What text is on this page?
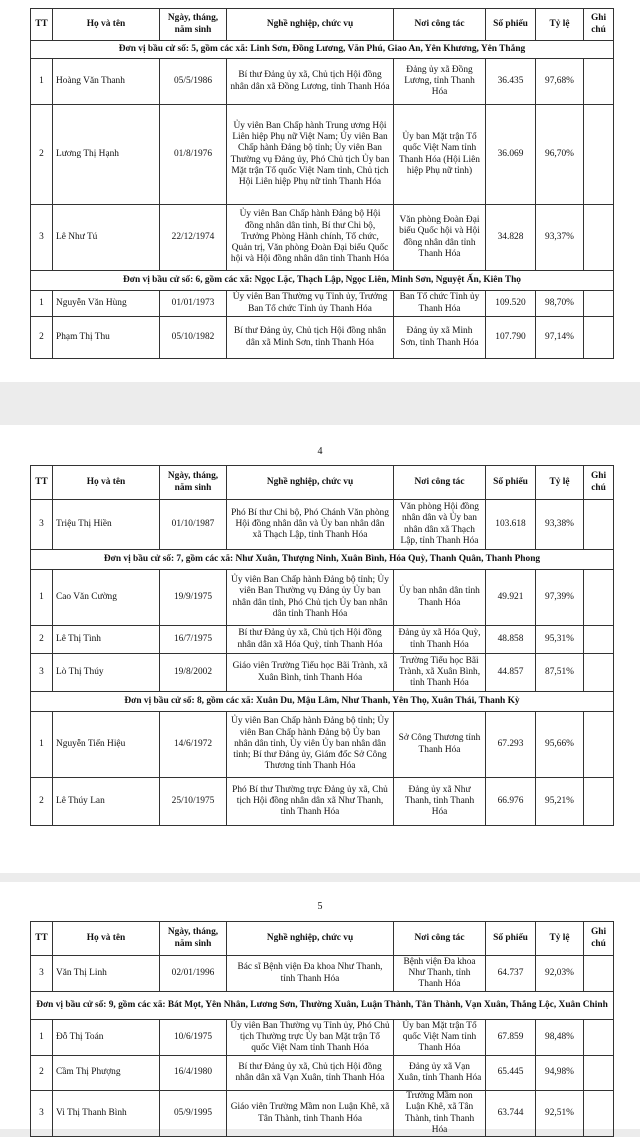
TT	Họ và tên	Ngày, tháng, năm sinh	Nghề nghiệp, chức vụ	Nơi công tác	Số phiếu	Tỷ lệ	Ghi chú
Đơn vị bầu cử số: 5, gồm các xã: Linh Sơn, Đồng Lương, Văn Phú, Giao An, Yên Khương, Yên Thắng							
1	Hoàng Văn Thanh	05/5/1986	Bí thư Đảng ủy xã, Chủ tịch Hội đồng nhân dân xã Đồng Lương, tỉnh Thanh Hóa	Đảng ủy xã Đồng Lương, tỉnh Thanh Hóa	36.435	97,68%	
2	Lương Thị Hạnh	01/8/1976	Ủy viên Ban Chấp hành Trung ương Hội Liên hiệp Phụ nữ Việt Nam; Ủy viên Ban Chấp hành Đảng bộ tỉnh; Ủy viên Ban Thường vụ Đảng ủy, Phó Chủ tịch Ủy ban Mặt trận Tổ quốc Việt Nam tỉnh, Chủ tịch Hội Liên hiệp Phụ nữ tỉnh Thanh Hóa	Ủy ban Mặt trận Tổ quốc Việt Nam tỉnh Thanh Hóa (Hội Liên hiệp Phụ nữ tỉnh)	36.069	96,70%	
3	Lê Như Tú	22/12/1974	Ủy viên Ban Chấp hành Đảng bộ Hội đồng nhân dân tỉnh, Bí thư Chi bộ, Trưởng Phòng Hành chính, Tổ chức, Quản trị, Văn phòng Đoàn Đại biểu Quốc hội và Hội đồng nhân dân tỉnh Thanh Hóa	Văn phòng Đoàn Đại biểu Quốc hội và Hội đồng nhân dân tỉnh Thanh Hóa	34.828	93,37%	
Đơn vị bầu cử số: 6, gồm các xã: Ngọc Lặc, Thạch Lập, Ngọc Liên, Minh Sơn, Nguyệt Ấn, Kiên Thọ							
1	Nguyễn Văn Hùng	01/01/1973	Ủy viên Ban Thường vụ Tỉnh ủy, Trưởng Ban Tổ chức Tỉnh ủy Thanh Hóa	Ban Tổ chức Tỉnh ủy Thanh Hóa	109.520	98,70%	
2	Phạm Thị Thu	05/10/1982	Bí thư Đảng ủy, Chủ tịch Hội đồng nhân dân xã Minh Sơn, tỉnh Thanh Hóa	Đảng ủy xã Minh Sơn, tỉnh Thanh Hóa	107.790	97,14%	
4
TT	Họ và tên	Ngày, tháng, năm sinh	Nghề nghiệp, chức vụ	Nơi công tác	Số phiếu	Tỷ lệ	Ghi chú
3	Triệu Thị Hiền	01/10/1987	Phó Bí thư Chi bộ, Phó Chánh Văn phòng Hội đồng nhân dân và Ủy ban nhân dân xã Thạch Lập, tỉnh Thanh Hóa	Văn phòng Hội đồng nhân dân và Ủy ban nhân dân xã Thạch Lập, tỉnh Thanh Hóa	103.618	93,38%	
Đơn vị bầu cử số: 7, gồm các xã: Như Xuân, Thượng Ninh, Xuân Bình, Hóa Quỳ, Thanh Quân, Thanh Phong							
1	Cao Văn Cường	19/9/1975	Ủy viên Ban Chấp hành Đảng bộ tỉnh; Ủy viên Ban Thường vụ Đảng ủy Ủy ban nhân dân tỉnh, Phó Chủ tịch Ủy ban nhân dân tỉnh Thanh Hóa	Ủy ban nhân dân tỉnh Thanh Hóa	49.921	97,39%	
2	Lê Thị Tình	16/7/1975	Bí thư Đảng ủy xã, Chủ tịch Hội đồng nhân dân xã Hóa Quỳ, tỉnh Thanh Hóa	Đảng ủy xã Hóa Quỳ, tỉnh Thanh Hóa	48.858	95,31%	
3	Lò Thị Thúy	19/8/2002	Giáo viên Trường Tiểu học Bãi Trành, xã Xuân Bình, tỉnh Thanh Hóa	Trường Tiểu học Bãi Trành, xã Xuân Bình, tỉnh Thanh Hóa	44.857	87,51%	
Đơn vị bầu cử số: 8, gồm các xã: Xuân Du, Mậu Lâm, Như Thanh, Yên Thọ, Xuân Thái, Thanh Kỳ							
1	Nguyễn Tiến Hiệu	14/6/1972	Ủy viên Ban Chấp hành Đảng bộ tỉnh; Ủy viên Ban Chấp hành Đảng bộ Ủy ban nhân dân tỉnh, Ủy viên Ủy ban nhân dân tỉnh; Bí thư Đảng ủy, Giám đốc Sở Công Thương tỉnh Thanh Hóa	Sở Công Thương tỉnh Thanh Hóa	67.293	95,66%	
2	Lê Thúy Lan	25/10/1975	Phó Bí thư Thường trực Đảng ủy xã, Chủ tịch Hội đồng nhân dân xã Như Thanh, tỉnh Thanh Hóa	Đảng ủy xã Như Thanh, tỉnh Thanh Hóa	66.976	95,21%	
5
TT	Họ và tên	Ngày, tháng, năm sinh	Nghề nghiệp, chức vụ	Nơi công tác	Số phiếu	Tỷ lệ	Ghi chú
3	Văn Thị Linh	02/01/1996	Bác sĩ Bệnh viện Đa khoa Như Thanh, tỉnh Thanh Hóa	Bệnh viện Đa khoa Như Thanh, tỉnh Thanh Hóa	64.737	92,03%	
Đơn vị bầu cử số: 9, gồm các xã: Bát Mọt, Yên Nhân, Lương Sơn, Thường Xuân, Luận Thành, Tân Thành, Vạn Xuân, Thắng Lộc, Xuân Chinh							
1	Đỗ Thị Toán	10/6/1975	Ủy viên Ban Thường vụ Tỉnh ủy, Phó Chủ tịch Thường trực Ủy ban Mặt trận Tổ quốc Việt Nam tỉnh Thanh Hóa	Ủy ban Mặt trận Tổ quốc Việt Nam tỉnh Thanh Hóa	67.859	98,48%	
2	Cầm Thị Phượng	16/4/1980	Bí thư Đảng ủy xã, Chủ tịch Hội đồng nhân dân xã Vạn Xuân, tỉnh Thanh Hóa	Đảng ủy xã Vạn Xuân, tỉnh Thanh Hóa	65.445	94,98%	
3	Vi Thị Thanh Bình	05/9/1995	Giáo viên Trường Mầm non Luận Khê, xã Tân Thành, tỉnh Thanh Hóa	Trường Mầm non Luận Khê, xã Tân Thành, tỉnh Thanh Hóa	63.744	92,51%	
